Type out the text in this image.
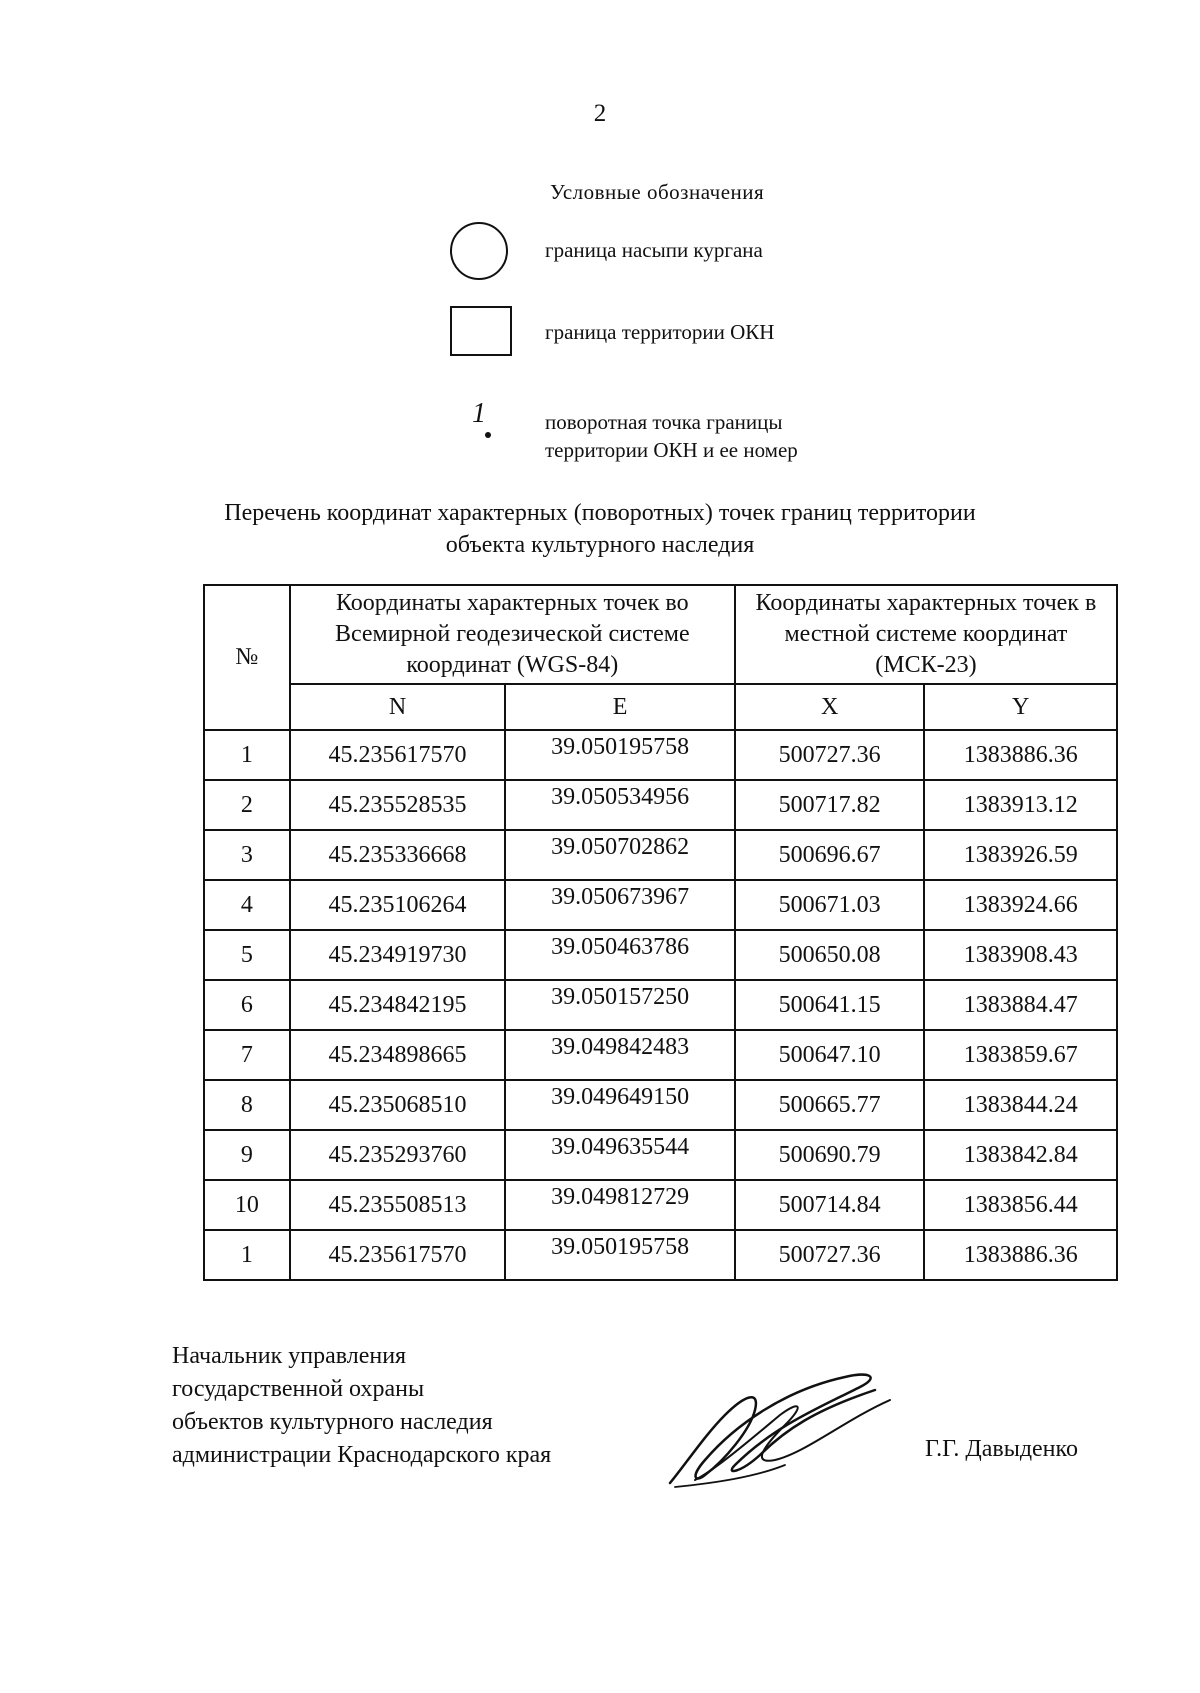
2
Условные обозначения
граница насыпи кургана
граница территории ОКН
1	поворотная точка границы
территории ОКН и ее номер
Перечень координат характерных (поворотных) точек границ территории
объекта культурного наследия
№	Координаты характерных точек во Всемирной геодезической системе координат (WGS-84)		Координаты характерных точек в местной системе координат (МСК-23)	
	N	E	X	Y
1	45.235617570	39.050195758	500727.36	1383886.36
2	45.235528535	39.050534956	500717.82	1383913.12
3	45.235336668	39.050702862	500696.67	1383926.59
4	45.235106264	39.050673967	500671.03	1383924.66
5	45.234919730	39.050463786	500650.08	1383908.43
6	45.234842195	39.050157250	500641.15	1383884.47
7	45.234898665	39.049842483	500647.10	1383859.67
8	45.235068510	39.049649150	500665.77	1383844.24
9	45.235293760	39.049635544	500690.79	1383842.84
10	45.235508513	39.049812729	500714.84	1383856.44
1	45.235617570	39.050195758	500727.36	1383886.36
Начальник управления
государственной охраны
объектов культурного наследия
администрации Краснодарского края	Г.Г. Давыденко
